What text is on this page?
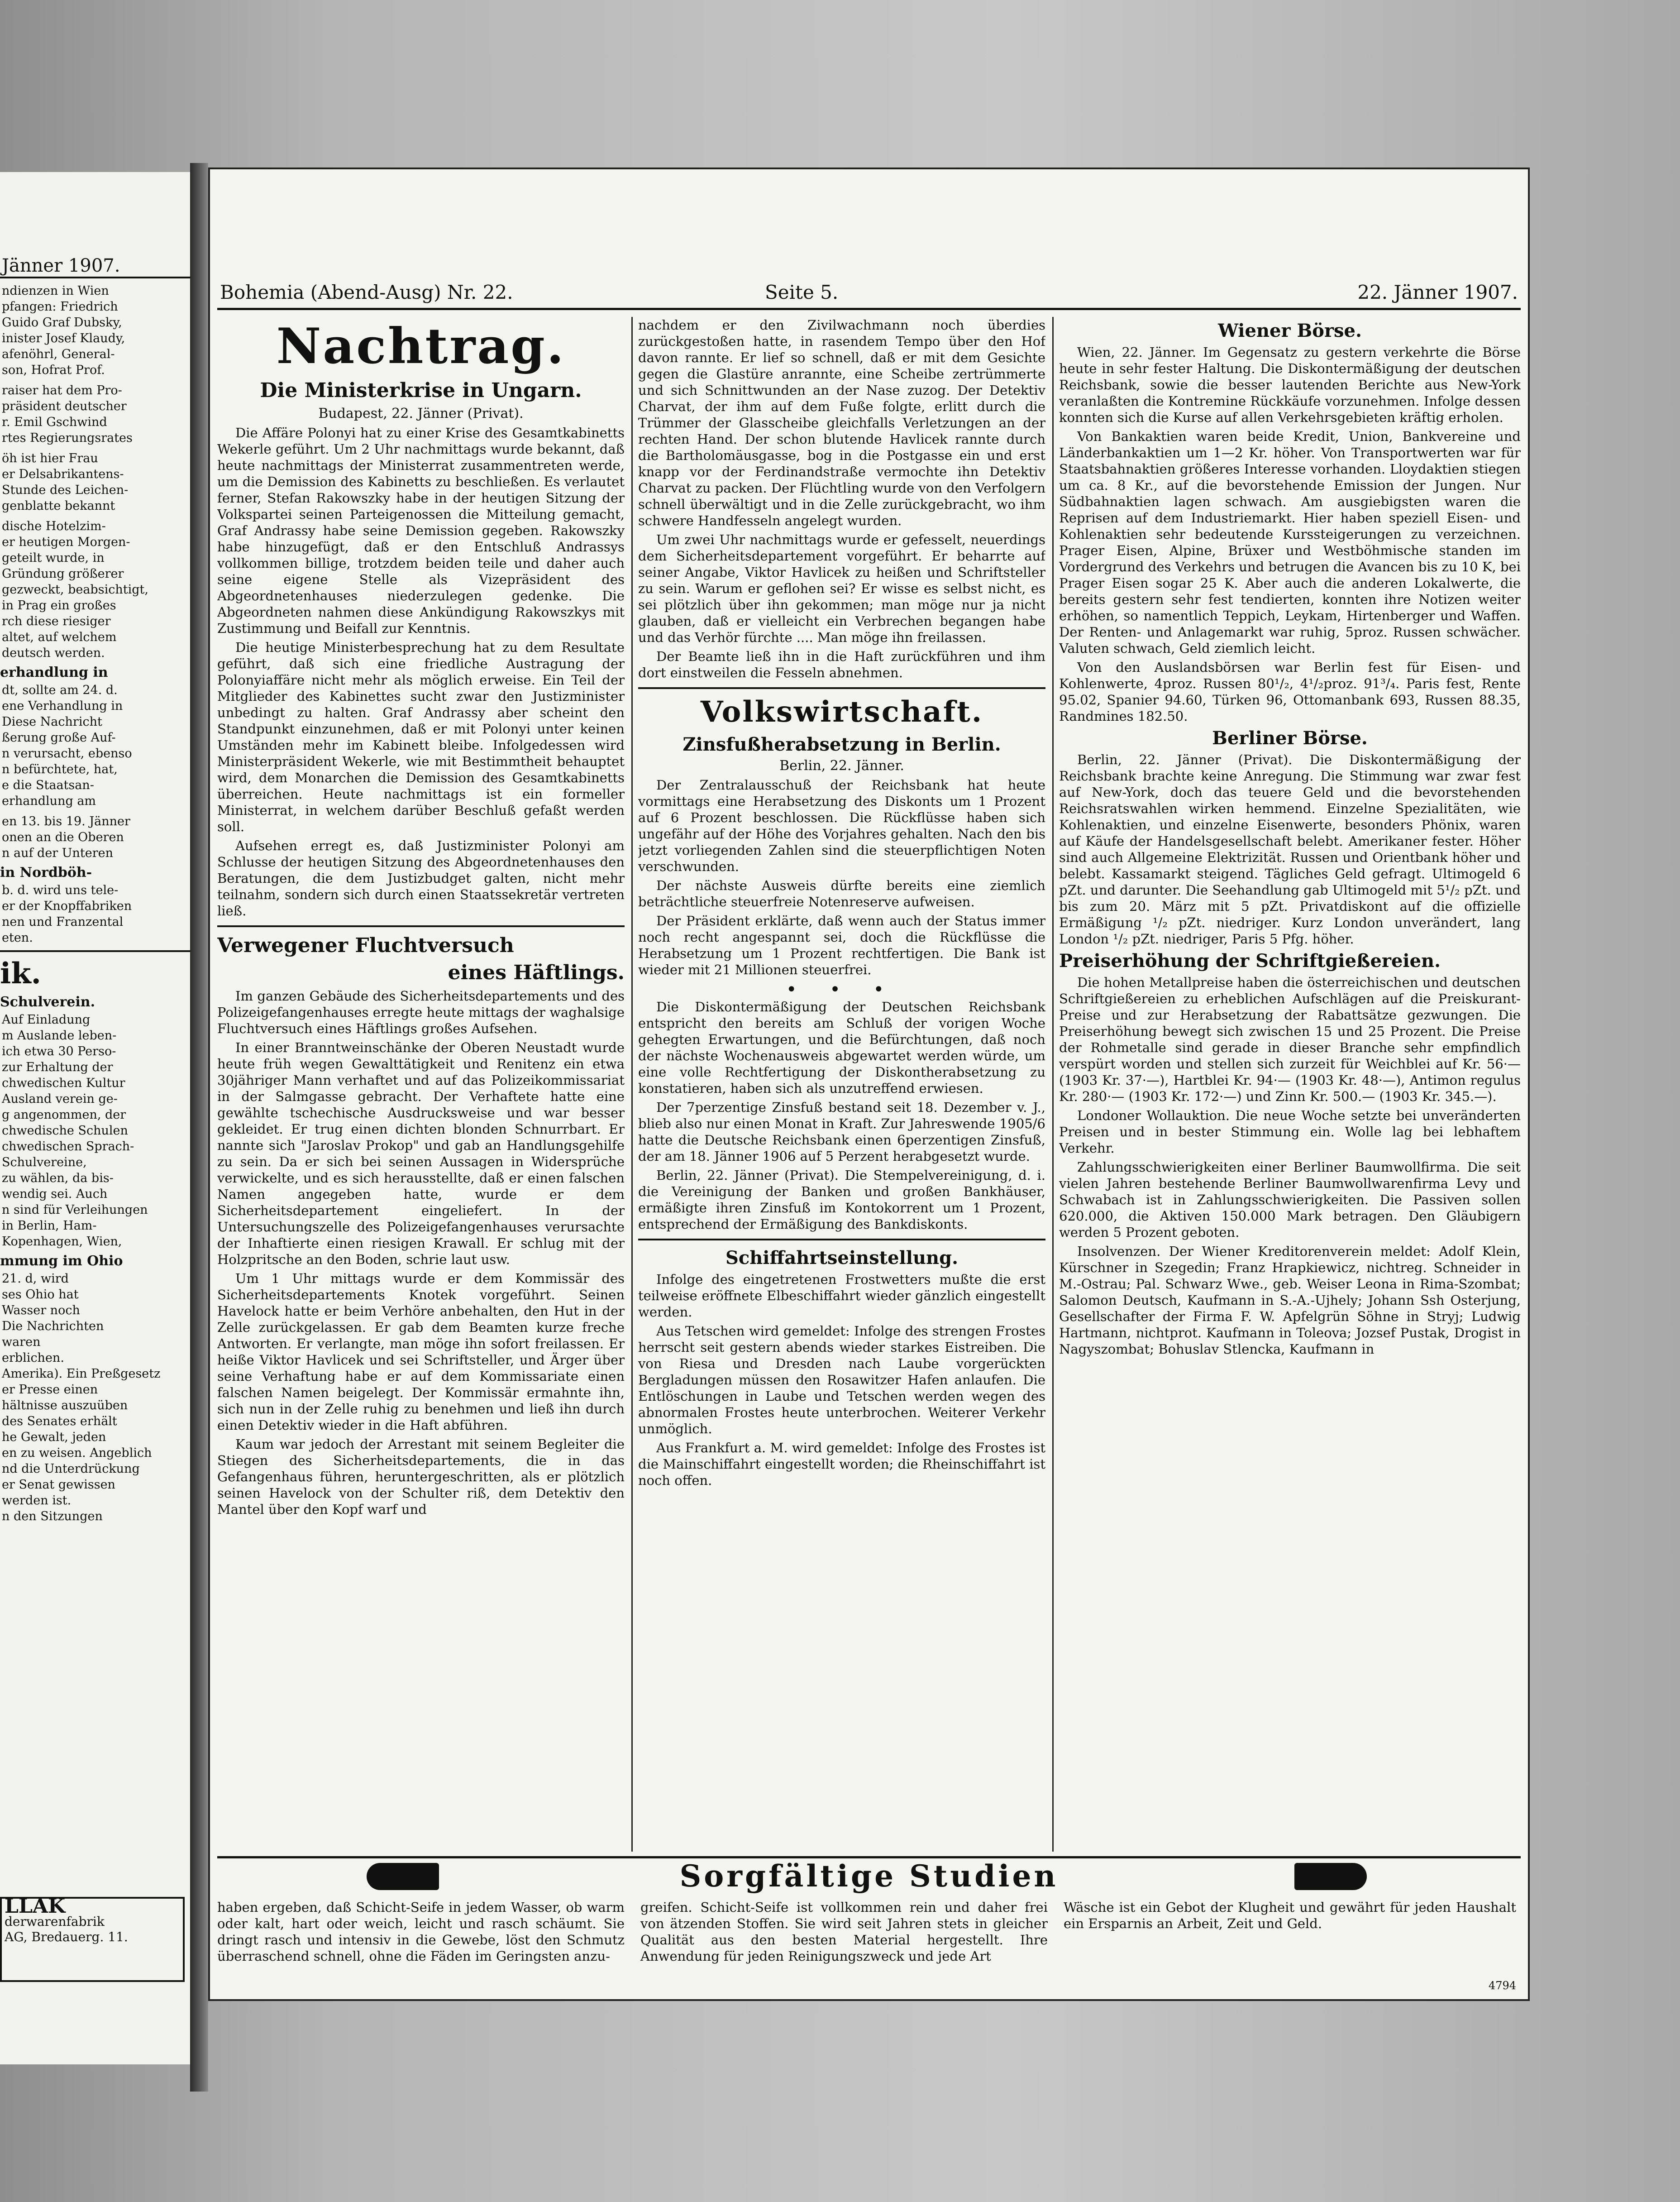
Jänner 1907.
ndienzen in Wien
pfangen: Friedrich
Guido Graf Dubsky,
inister Josef Klaudy,
afenöhrl, General-
son, Hofrat Prof.
raiser hat dem Pro-
präsident deutscher
r. Emil Gschwind
rtes Regierungsrates
öh ist hier Frau
er Delsabrikantens-
Stunde des Leichen-
genblatte bekannt
dische Hotelzim-
er heutigen Morgen-
geteilt wurde, in
Gründung größerer
gezweckt, beabsichtigt,
in Prag ein großes
rch diese riesiger
altet, auf welchem
deutsch werden.
erhandlung in
dt, sollte am 24. d.
ene Verhandlung in
Diese Nachricht
ßerung große Auf-
n verursacht, ebenso
n befürchtete, hat,
e die Staatsan-
erhandlung am
en 13. bis 19. Jänner
onen an die Oberen
n auf der Unteren
in Nordböh-
b. d. wird uns tele-
er der Knopffabriken
nen und Franzental
eten.
ik.
Schulverein.
Auf Einladung
m Auslande leben-
ich etwa 30 Perso-
zur Erhaltung der
chwedischen Kultur
Ausland verein ge-
g angenommen, der
chwedische Schulen
chwedischen Sprach-
Schulvereine,
zu wählen, da bis-
wendig sei. Auch
n sind für Verleihungen
in Berlin, Ham-
Kopenhagen, Wien,
mmung im Ohio
21. d, wird
ses Ohio hat
Wasser noch
Die Nachrichten
waren
erblichen.
Amerika). Ein Preßgesetz
er Presse einen
hältnisse auszuüben
des Senates erhält
he Gewalt, jeden
en zu weisen. Angeblich
nd die Unterdrückung
er Senat gewissen
werden ist.
n den Sitzungen
LLAK
derwarenfabrik
AG, Bredauerg. 11.
Bohemia (Abend-Ausg) Nr. 22.	Seite 5.	22. Jänner 1907.
Nachtrag.
Die Ministerkrise in Ungarn.
Budapest, 22. Jänner (Privat).

Die Affäre Polonyi hat zu einer Krise des Gesamtkabinetts Wekerle geführt. Um 2 Uhr nachmittags wurde bekannt, daß heute nachmittags der Ministerrat zusammentreten werde, um die Demission des Kabinetts zu beschließen. Es verlautet ferner, Stefan Rakowszky habe in der heutigen Sitzung der Volkspartei seinen Parteigenossen die Mitteilung gemacht, Graf Andrassy habe seine Demission gegeben. Rakowszky habe hinzugefügt, daß er den Entschluß Andrassys vollkommen billige, trotzdem beiden teile und daher auch seine eigene Stelle als Vizepräsident des Abgeordnetenhauses niederzulegen gedenke. Die Abgeordneten nahmen diese Ankündigung Rakowszkys mit Zustimmung und Beifall zur Kenntnis.

Die heutige Ministerbesprechung hat zu dem Resultate geführt, daß sich eine friedliche Austragung der Polonyiaffäre nicht mehr als möglich erweise. Ein Teil der Mitglieder des Kabinettes sucht zwar den Justizminister unbedingt zu halten. Graf Andrassy aber scheint den Standpunkt einzunehmen, daß er mit Polonyi unter keinen Umständen mehr im Kabinett bleibe. Infolgedessen wird Ministerpräsident Wekerle, wie mit Bestimmtheit behauptet wird, dem Monarchen die Demission des Gesamtkabinetts überreichen. Heute nachmittags ist ein formeller Ministerrat, in welchem darüber Beschluß gefaßt werden soll.

Aufsehen erregt es, daß Justizminister Polonyi am Schlusse der heutigen Sitzung des Abgeordnetenhauses den Beratungen, die dem Justizbudget galten, nicht mehr teilnahm, sondern sich durch einen Staatssekretär vertreten ließ.

Verwegener Fluchtversuch
eines Häftlings.

Im ganzen Gebäude des Sicherheitsdepartements und des Polizeigefangenhauses erregte heute mittags der waghalsige Fluchtversuch eines Häftlings großes Aufsehen.

In einer Branntweinschänke der Oberen Neustadt wurde heute früh wegen Gewalttätigkeit und Renitenz ein etwa 30jähriger Mann verhaftet und auf das Polizeikommissariat in der Salmgasse gebracht. Der Verhaftete hatte eine gewählte tschechische Ausdrucksweise und war besser gekleidet. Er trug einen dichten blonden Schnurrbart. Er nannte sich "Jaroslav Prokop" und gab an Handlungsgehilfe zu sein. Da er sich bei seinen Aussagen in Widersprüche verwickelte, und es sich herausstellte, daß er einen falschen Namen angegeben hatte, wurde er dem Sicherheitsdepartement eingeliefert. In der Untersuchungszelle des Polizeigefangenhauses verursachte der Inhaftierte einen riesigen Krawall. Er schlug mit der Holzpritsche an den Boden, schrie laut usw.

Um 1 Uhr mittags wurde er dem Kommissär des Sicherheitsdepartements Knotek vorgeführt. Seinen Havelock hatte er beim Verhöre anbehalten, den Hut in der Zelle zurückgelassen. Er gab dem Beamten kurze freche Antworten. Er verlangte, man möge ihn sofort freilassen. Er heiße Viktor Havlicek und sei Schriftsteller, und Ärger über seine Verhaftung habe er auf dem Kommissariate einen falschen Namen beigelegt. Der Kommissär ermahnte ihn, sich nun in der Zelle ruhig zu benehmen und ließ ihn durch einen Detektiv wieder in die Haft abführen.

Kaum war jedoch der Arrestant mit seinem Begleiter die Stiegen des Sicherheitsdepartements, die in das Gefangenhaus führen, heruntergeschritten, als er plötzlich seinen Havelock von der Schulter riß, dem Detektiv den Mantel über den Kopf warf und

nachdem er den Zivilwachmann noch überdies zurückgestoßen hatte, in rasendem Tempo über den Hof davon rannte. Er lief so schnell, daß er mit dem Gesichte gegen die Glastüre anrannte, eine Scheibe zertrümmerte und sich Schnittwunden an der Nase zuzog. Der Detektiv Charvat, der ihm auf dem Fuße folgte, erlitt durch die Trümmer der Glasscheibe gleichfalls Verletzungen an der rechten Hand. Der schon blutende Havlicek rannte durch die Bartholomäusgasse, bog in die Postgasse ein und erst knapp vor der Ferdinandstraße vermochte ihn Detektiv Charvat zu packen. Der Flüchtling wurde von den Verfolgern schnell überwältigt und in die Zelle zurückgebracht, wo ihm schwere Handfesseln angelegt wurden.

Um zwei Uhr nachmittags wurde er gefesselt, neuerdings dem Sicherheitsdepartement vorgeführt. Er beharrte auf seiner Angabe, Viktor Havlicek zu heißen und Schriftsteller zu sein. Warum er geflohen sei? Er wisse es selbst nicht, es sei plötzlich über ihn gekommen; man möge nur ja nicht glauben, daß er vielleicht ein Verbrechen begangen habe und das Verhör fürchte .... Man möge ihn freilassen.

Der Beamte ließ ihn in die Haft zurückführen und ihm dort einstweilen die Fesseln abnehmen.

Volkswirtschaft.
Zinsfußherabsetzung in Berlin.
Berlin, 22. Jänner.

Der Zentralausschuß der Reichsbank hat heute vormittags eine Herabsetzung des Diskonts um 1 Prozent auf 6 Prozent beschlossen. Die Rückflüsse haben sich ungefähr auf der Höhe des Vorjahres gehalten. Nach den bis jetzt vorliegenden Zahlen sind die steuerpflichtigen Noten verschwunden.

Der nächste Ausweis dürfte bereits eine ziemlich beträchtliche steuerfreie Notenreserve aufweisen.

Der Präsident erklärte, daß wenn auch der Status immer noch recht angespannt sei, doch die Rückflüsse die Herabsetzung um 1 Prozent rechtfertigen. Die Bank ist wieder mit 21 Millionen steuerfrei.

• • •

Die Diskontermäßigung der Deutschen Reichsbank entspricht den bereits am Schluß der vorigen Woche gehegten Erwartungen, und die Befürchtungen, daß noch der nächste Wochenausweis abgewartet werden würde, um eine volle Rechtfertigung der Diskontherabsetzung zu konstatieren, haben sich als unzutreffend erwiesen.

Der 7perzentige Zinsfuß bestand seit 18. Dezember v. J., blieb also nur einen Monat in Kraft. Zur Jahreswende 1905/6 hatte die Deutsche Reichsbank einen 6perzentigen Zinsfuß, der am 18. Jänner 1906 auf 5 Perzent herabgesetzt wurde.

Berlin, 22. Jänner (Privat). Die Stempelvereinigung, d. i. die Vereinigung der Banken und großen Bankhäuser, ermäßigte ihren Zinsfuß im Kontokorrent um 1 Prozent, entsprechend der Ermäßigung des Bankdiskonts.

Schiffahrtseinstellung.

Infolge des eingetretenen Frostwetters mußte die erst teilweise eröffnete Elbeschiffahrt wieder gänzlich eingestellt werden.

Aus Tetschen wird gemeldet: Infolge des strengen Frostes herrscht seit gestern abends wieder starkes Eistreiben. Die von Riesa und Dresden nach Laube vorgerückten Bergladungen müssen den Rosawitzer Hafen anlaufen. Die Entlöschungen in Laube und Tetschen werden wegen des abnormalen Frostes heute unterbrochen. Weiterer Verkehr unmöglich.

Aus Frankfurt a. M. wird gemeldet: Infolge des Frostes ist die Mainschiffahrt eingestellt worden; die Rheinschiffahrt ist noch offen.

Wiener Börse.

Wien, 22. Jänner. Im Gegensatz zu gestern verkehrte die Börse heute in sehr fester Haltung. Die Diskontermäßigung der deutschen Reichsbank, sowie die besser lautenden Berichte aus New-York veranlaßten die Kontremine Rückkäufe vorzunehmen. Infolge dessen konnten sich die Kurse auf allen Verkehrsgebieten kräftig erholen.

Von Bankaktien waren beide Kredit, Union, Bankvereine und Länderbankaktien um 1—2 Kr. höher. Von Transportwerten war für Staatsbahnaktien größeres Interesse vorhanden. Lloydaktien stiegen um ca. 8 Kr., auf die bevorstehende Emission der Jungen. Nur Südbahnaktien lagen schwach. Am ausgiebigsten waren die Reprisen auf dem Industriemarkt. Hier haben speziell Eisen- und Kohlenaktien sehr bedeutende Kurssteigerungen zu verzeichnen. Prager Eisen, Alpine, Brüxer und Westböhmische standen im Vordergrund des Verkehrs und betrugen die Avancen bis zu 10 K, bei Prager Eisen sogar 25 K. Aber auch die anderen Lokalwerte, die bereits gestern sehr fest tendierten, konnten ihre Notizen weiter erhöhen, so namentlich Teppich, Leykam, Hirtenberger und Waffen. Der Renten- und Anlagemarkt war ruhig, 5proz. Russen schwächer. Valuten schwach, Geld ziemlich leicht.

Von den Auslandsbörsen war Berlin fest für Eisen- und Kohlenwerte, 4proz. Russen 80¹/₂, 4¹/₂proz. 91³/₄. Paris fest, Rente 95.02, Spanier 94.60, Türken 96, Ottomanbank 693, Russen 88.35, Randmines 182.50.

Berliner Börse.

Berlin, 22. Jänner (Privat). Die Diskontermäßigung der Reichsbank brachte keine Anregung. Die Stimmung war zwar fest auf New-York, doch das teuere Geld und die bevorstehenden Reichsratswahlen wirken hemmend. Einzelne Spezialitäten, wie Kohlenaktien, und einzelne Eisenwerte, besonders Phönix, waren auf Käufe der Handelsgesellschaft belebt. Amerikaner fester. Höher sind auch Allgemeine Elektrizität. Russen und Orientbank höher und belebt. Kassamarkt steigend. Tägliches Geld gefragt. Ultimogeld 6 pZt. und darunter. Die Seehandlung gab Ultimogeld mit 5¹/₂ pZt. und bis zum 20. März mit 5 pZt. Privatdiskont auf die offizielle Ermäßigung ¹/₂ pZt. niedriger. Kurz London unverändert, lang London ¹/₂ pZt. niedriger, Paris 5 Pfg. höher.

Preiserhöhung der Schriftgießereien.

Die hohen Metallpreise haben die österreichischen und deutschen Schriftgießereien zu erheblichen Aufschlägen auf die Preiskurant-Preise und zur Herabsetzung der Rabattsätze gezwungen. Die Preiserhöhung bewegt sich zwischen 15 und 25 Prozent. Die Preise der Rohmetalle sind gerade in dieser Branche sehr empfindlich verspürt worden und stellen sich zurzeit für Weichblei auf Kr. 56·— (1903 Kr. 37·—), Hartblei Kr. 94·— (1903 Kr. 48·—), Antimon regulus Kr. 280·— (1903 Kr. 172·—) und Zinn Kr. 500.— (1903 Kr. 345.—).

Londoner Wollauktion. Die neue Woche setzte bei unveränderten Preisen und in bester Stimmung ein. Wolle lag bei lebhaftem Verkehr.

Zahlungsschwierigkeiten einer Berliner Baumwollfirma. Die seit vielen Jahren bestehende Berliner Baumwollwarenfirma Levy und Schwabach ist in Zahlungsschwierigkeiten. Die Passiven sollen 620.000, die Aktiven 150.000 Mark betragen. Den Gläubigern werden 5 Prozent geboten.

Insolvenzen. Der Wiener Kreditorenverein meldet: Adolf Klein, Kürschner in Szegedin; Franz Hrapkiewicz, nichtreg. Schneider in M.-Ostrau; Pal. Schwarz Wwe., geb. Weiser Leona in Rima-Szombat; Salomon Deutsch, Kaufmann in S.-A.-Ujhely; Johann Ssh Osterjung, Gesellschafter der Firma F. W. Apfelgrün Söhne in Stryj; Ludwig Hartmann, nichtprot. Kaufmann in Toleova; Jozsef Pustak, Drogist in Nagyszombat; Bohuslav Stlencka, Kaufmann in

Sorgfältige Studien
haben ergeben, daß Schicht-Seife in jedem Wasser, ob warm oder kalt, hart oder weich, leicht und rasch schäumt. Sie dringt rasch und intensiv in die Gewebe, löst den Schmutz überraschend schnell, ohne die Fäden im Geringsten anzu-
greifen. Schicht-Seife ist vollkommen rein und daher frei von ätzenden Stoffen. Sie wird seit Jahren stets in gleicher Qualität aus den besten Material hergestellt. Ihre Anwendung für jeden Reinigungszweck und jede Art
Wäsche ist ein Gebot der Klugheit und gewährt für jeden Haushalt ein Ersparnis an Arbeit, Zeit und Geld.
4794
